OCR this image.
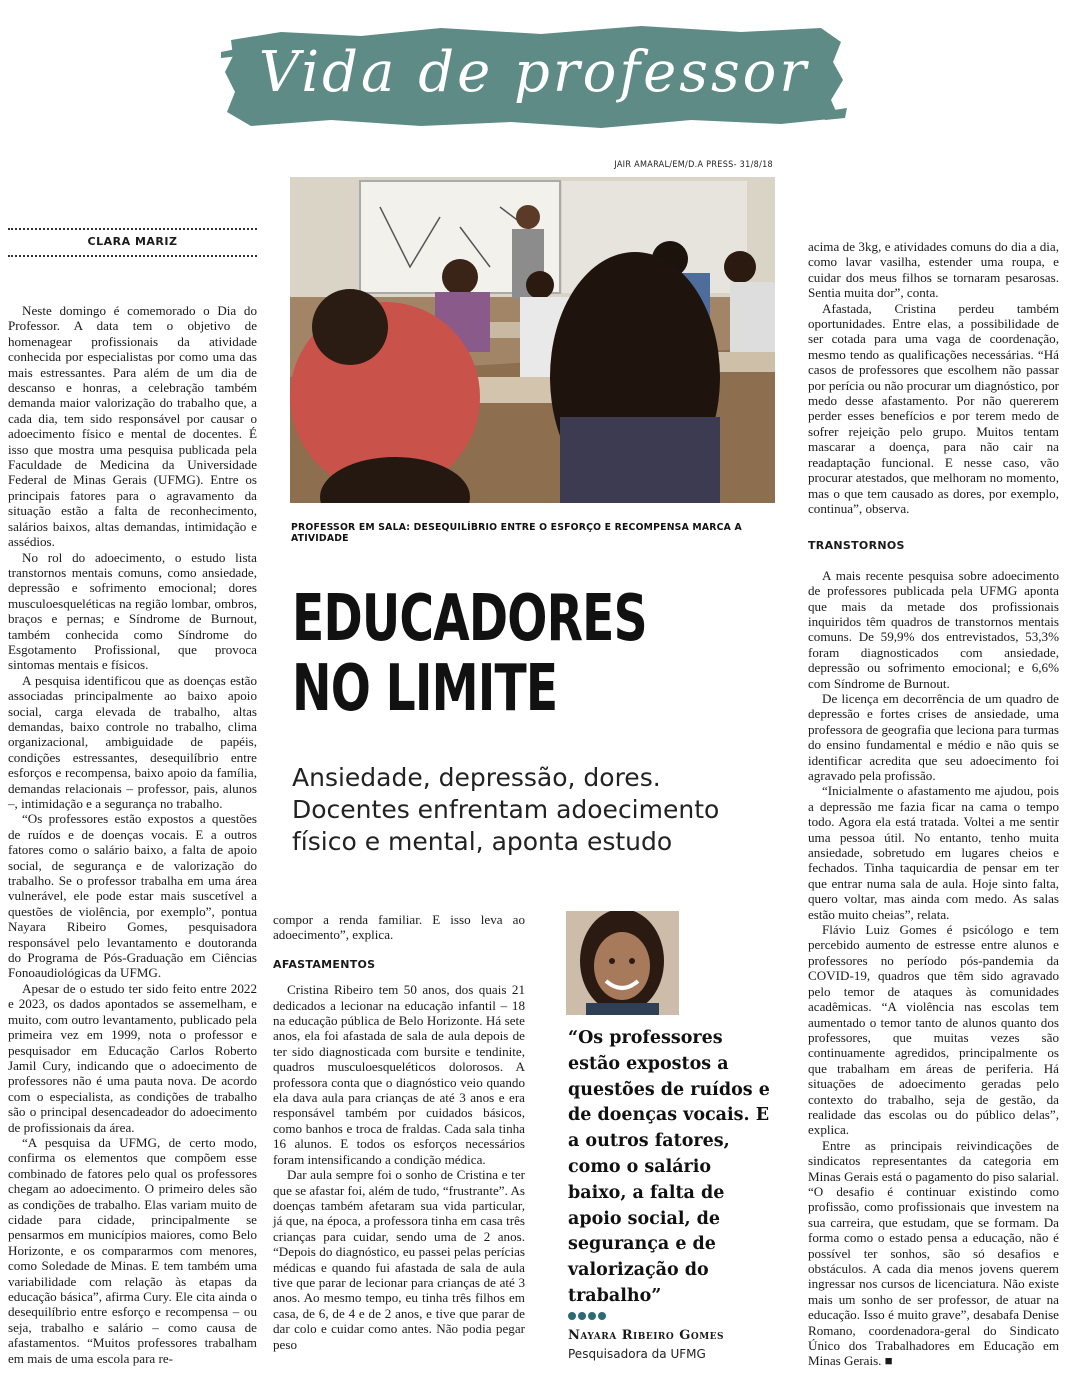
Vida de professor
JAIR AMARAL/EM/D.A PRESS- 31/8/18
PROFESSOR EM SALA: DESEQUILÍBRIO ENTRE O ESFORÇO E RECOMPENSA MARCA A ATIVIDADE
CLARA MARIZ

Neste domingo é comemorado o Dia do Professor. A data tem o objetivo de homenagear profissionais da atividade conhecida por especialistas por como uma das mais estressantes. Para além de um dia de descanso e honras, a celebração também demanda maior valorização do trabalho que, a cada dia, tem sido responsável por causar o adoecimento físico e mental de docentes. É isso que mostra uma pesquisa publicada pela Faculdade de Medicina da Universidade Federal de Minas Gerais (UFMG). Entre os principais fatores para o agravamento da situação estão a falta de reconhecimento, salários baixos, altas demandas, intimidação e assédios.

No rol do adoecimento, o estudo lista transtornos mentais comuns, como ansiedade, depressão e sofrimento emocional; dores musculoesqueléticas na região lombar, ombros, braços e pernas; e Síndrome de Burnout, também conhecida como Síndrome do Esgotamento Profissional, que provoca sintomas mentais e físicos.

A pesquisa identificou que as doenças estão associadas principalmente ao baixo apoio social, carga elevada de trabalho, altas demandas, baixo controle no trabalho, clima organizacional, ambiguidade de papéis, condições estressantes, desequilíbrio entre esforços e recompensa, baixo apoio da família, demandas relacionais – professor, pais, alunos –, intimidação e a segurança no trabalho.

“Os professores estão expostos a questões de ruídos e de doenças vocais. E a outros fatores como o salário baixo, a falta de apoio social, de segurança e de valorização do trabalho. Se o professor trabalha em uma área vulnerável, ele pode estar mais suscetível a questões de violência, por exemplo”, pontua Nayara Ribeiro Gomes, pesquisadora responsável pelo levantamento e doutoranda do Programa de Pós-Graduação em Ciências Fonoaudiológicas da UFMG.

Apesar de o estudo ter sido feito entre 2022 e 2023, os dados apontados se assemelham, e muito, com outro levantamento, publicado pela primeira vez em 1999, nota o professor e pesquisador em Educação Carlos Roberto Jamil Cury, indicando que o adoecimento de professores não é uma pauta nova. De acordo com o especialista, as condições de trabalho são o principal desencadeador do adoecimento de profissionais da área.

“A pesquisa da UFMG, de certo modo, confirma os elementos que compõem esse combinado de fatores pelo qual os professores chegam ao adoecimento. O primeiro deles são as condições de trabalho. Elas variam muito de cidade para cidade, principalmente se pensarmos em municípios maiores, como Belo Horizonte, e os compararmos com menores, como Soledade de Minas. E tem também uma variabilidade com relação às etapas da educação básica”, afirma Cury. Ele cita ainda o desequilíbrio entre esforço e recompensa – ou seja, trabalho e salário – como causa de afastamentos. “Muitos professores trabalham em mais de uma escola para re-

EDUCADORES
NO LIMITE
Ansiedade, depressão, dores. Docentes enfrentam adoecimento físico e mental, aponta estudo

compor a renda familiar. E isso leva ao adoecimento”, explica.

AFASTAMENTOS

Cristina Ribeiro tem 50 anos, dos quais 21 dedicados a lecionar na educação infantil – 18 na educação pública de Belo Horizonte. Há sete anos, ela foi afastada de sala de aula depois de ter sido diagnosticada com bursite e tendinite, quadros musculoesqueléticos dolorosos. A professora conta que o diagnóstico veio quando ela dava aula para crianças de até 3 anos e era responsável também por cuidados básicos, como banhos e troca de fraldas. Cada sala tinha 16 alunos. E todos os esforços necessários foram intensificando a condição médica.

Dar aula sempre foi o sonho de Cristina e ter que se afastar foi, além de tudo, “frustrante”. As doenças também afetaram sua vida particular, já que, na época, a professora tinha em casa três crianças para cuidar, sendo uma de 2 anos. “Depois do diagnóstico, eu passei pelas perícias médicas e quando fui afastada de sala de aula tive que parar de lecionar para crianças de até 3 anos. Ao mesmo tempo, eu tinha três filhos em casa, de 6, de 4 e de 2 anos, e tive que parar de dar colo e cuidar como antes. Não podia pegar peso

“Os professores estão expostos a questões de ruídos e de doenças vocais. E a outros fatores, como o salário baixo, a falta de apoio social, de segurança e de valorização do trabalho”
Nayara Ribeiro Gomes
Pesquisadora da UFMG

acima de 3kg, e atividades comuns do dia a dia, como lavar vasilha, estender uma roupa, e cuidar dos meus filhos se tornaram pesarosas. Sentia muita dor”, conta.

Afastada, Cristina perdeu também oportunidades. Entre elas, a possibilidade de ser cotada para uma vaga de coordenação, mesmo tendo as qualificações necessárias. “Há casos de professores que escolhem não passar por perícia ou não procurar um diagnóstico, por medo desse afastamento. Por não quererem perder esses benefícios e por terem medo de sofrer rejeição pelo grupo. Muitos tentam mascarar a doença, para não cair na readaptação funcional. E nesse caso, vão procurar atestados, que melhoram no momento, mas o que tem causado as dores, por exemplo, continua”, observa.

TRANSTORNOS

A mais recente pesquisa sobre adoecimento de professores publicada pela UFMG aponta que mais da metade dos profissionais inquiridos têm quadros de transtornos mentais comuns. De 59,9% dos entrevistados, 53,3% foram diagnosticados com ansiedade, depressão ou sofrimento emocional; e 6,6% com Síndrome de Burnout.

De licença em decorrência de um quadro de depressão e fortes crises de ansiedade, uma professora de geografia que leciona para turmas do ensino fundamental e médio e não quis se identificar acredita que seu adoecimento foi agravado pela profissão.

“Inicialmente o afastamento me ajudou, pois a depressão me fazia ficar na cama o tempo todo. Agora ela está tratada. Voltei a me sentir uma pessoa útil. No entanto, tenho muita ansiedade, sobretudo em lugares cheios e fechados. Tinha taquicardia de pensar em ter que entrar numa sala de aula. Hoje sinto falta, quero voltar, mas ainda com medo. As salas estão muito cheias”, relata.

Flávio Luiz Gomes é psicólogo e tem percebido aumento de estresse entre alunos e professores no período pós-pandemia da COVID-19, quadros que têm sido agravado pelo temor de ataques às comunidades acadêmicas. “A violência nas escolas tem aumentado o temor tanto de alunos quanto dos professores, que muitas vezes são continuamente agredidos, principalmente os que trabalham em áreas de periferia. Há situações de adoecimento geradas pelo contexto do trabalho, seja de gestão, da realidade das escolas ou do público delas”, explica.

Entre as principais reivindicações de sindicatos representantes da categoria em Minas Gerais está o pagamento do piso salarial. “O desafio é continuar existindo como profissão, como profissionais que investem na sua carreira, que estudam, que se formam. Da forma como o estado pensa a educação, não é possível ter sonhos, são só desafios e obstáculos. A cada dia menos jovens querem ingressar nos cursos de licenciatura. Não existe mais um sonho de ser professor, de atuar na educação. Isso é muito grave”, desabafa Denise Romano, coordenadora-geral do Sindicato Único dos Trabalhadores em Educação em Minas Gerais. ■
